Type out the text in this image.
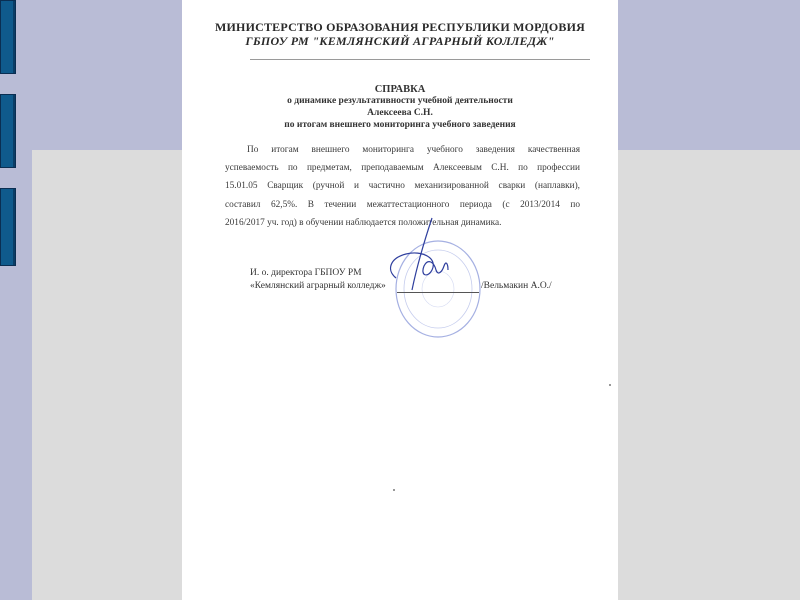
МИНИСТЕРСТВО ОБРАЗОВАНИЯ РЕСПУБЛИКИ МОРДОВИЯ
ГБПОУ РМ "КЕМЛЯНСКИЙ АГРАРНЫЙ КОЛЛЕДЖ"
СПРАВКА
о динамике результативности учебной деятельности
Алексеева С.Н.
по итогам внешнего мониторинга учебного заведения
По итогам внешнего мониторинга учебного заведения качественная
успеваемость по предметам, преподаваемым Алексеевым С.Н. по профессии
15.01.05 Сварщик (ручной и частично механизированной сварки (наплавки),
составил 62,5%. В течении межаттестационного периода (с 2013/2014 по
2016/2017 уч. год) в обучении наблюдается положительная динамика.
И. о. директора ГБПОУ РМ
«Кемлянский аграрный колледж»	/Вельмакин А.О./
